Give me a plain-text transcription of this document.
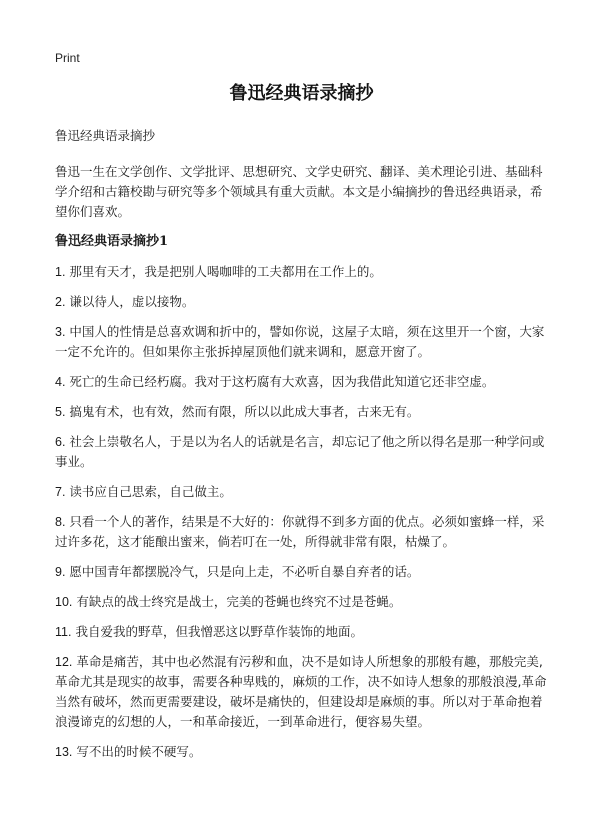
Print
鲁迅经典语录摘抄

鲁迅经典语录摘抄

鲁迅一生在文学创作、文学批评、思想研究、文学史研究、翻译、美术理论引进、基础科学介绍和古籍校勘与研究等多个领域具有重大贡献。本文是小编摘抄的鲁迅经典语录，希望你们喜欢。

鲁迅经典语录摘抄1
1. 那里有天才，我是把别人喝咖啡的工夫都用在工作上的。
2. 谦以待人，虚以接物。
3. 中国人的性情是总喜欢调和折中的，譬如你说，这屋子太暗，须在这里开一个窗，大家一定不允许的。但如果你主张拆掉屋顶他们就来调和，愿意开窗了。
4. 死亡的生命已经朽腐。我对于这朽腐有大欢喜，因为我借此知道它还非空虚。
5. 搞鬼有术，也有效，然而有限，所以以此成大事者，古来无有。
6. 社会上崇敬名人，于是以为名人的话就是名言，却忘记了他之所以得名是那一种学问或事业。
7. 读书应自己思索，自己做主。
8. 只看一个人的著作，结果是不大好的：你就得不到多方面的优点。必须如蜜蜂一样，采过许多花，这才能酿出蜜来，倘若叮在一处，所得就非常有限，枯燥了。
9. 愿中国青年都摆脱冷气，只是向上走，不必听自暴自弃者的话。
10. 有缺点的战士终究是战士，完美的苍蝇也终究不过是苍蝇。
11. 我自爱我的野草，但我憎恶这以野草作装饰的地面。
12. 革命是痛苦，其中也必然混有污秽和血，决不是如诗人所想象的那般有趣，那般完美,革命尤其是现实的故事，需要各种卑贱的，麻烦的工作，决不如诗人想象的那般浪漫,革命当然有破坏，然而更需要建设，破坏是痛快的，但建设却是麻烦的事。所以对于革命抱着浪漫谛克的幻想的人，一和革命接近，一到革命进行，便容易失望。
13. 写不出的时候不硬写。
